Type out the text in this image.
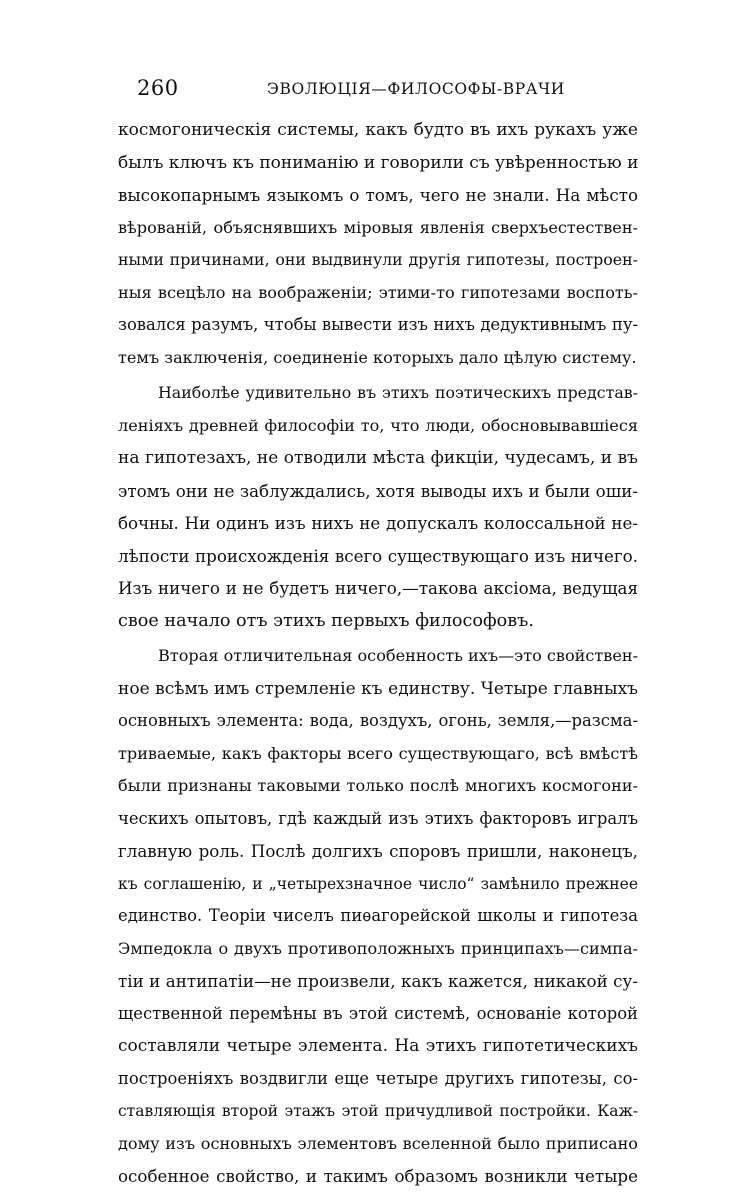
260	ЭВОЛЮЦІЯ—ФИЛОСОФЫ-ВРАЧИ
космогоническія системы, какъ будто въ ихъ рукахъ уже
былъ ключъ къ пониманію и говорили съ увѣренностью и
высокопарнымъ языкомъ о томъ, чего не знали. На мѣсто
вѣрованій, объяснявшихъ міровыя явленія сверхъестествен-
ными причинами, они выдвинули другія гипотезы, построен-
ныя всецѣло на воображеніи; этими-то гипотезами воспоть-
зовался разумъ, чтобы вывести изъ нихъ дедуктивнымъ пу-
темъ заключенія, соединеніе которыхъ дало цѣлую систему.
Наиболѣе удивительно въ этихъ поэтическихъ представ-
леніяхъ древней философіи то, что люди, обосновывавшіеся
на гипотезахъ, не отводили мѣста фикціи, чудесамъ, и въ
этомъ они не заблуждались, хотя выводы ихъ и были оши-
бочны. Ни одинъ изъ нихъ не допускалъ колоссальной не-
лѣпости происхожденія всего существующаго изъ ничего.
Изъ ничего и не будетъ ничего,—такова аксіома, ведущая
свое начало отъ этихъ первыхъ философовъ.
Вторая отличительная особенность ихъ—это свойствен-
ное всѣмъ имъ стремленіе къ единству. Четыре главныхъ
основныхъ элемента: вода, воздухъ, огонь, земля,—разсма-
триваемые, какъ факторы всего существующаго, всѣ вмѣстѣ
были признаны таковыми только послѣ многихъ космогони-
ческихъ опытовъ, гдѣ каждый изъ этихъ факторовъ игралъ
главную роль. Послѣ долгихъ споровъ пришли, наконецъ,
къ соглашенію, и „четырехзначное число“ замѣнило прежнее
единство. Теоріи чиселъ пиѳагорейской школы и гипотеза
Эмпедокла о двухъ противоположныхъ принципахъ—симпа-
тіи и антипатіи—не произвели, какъ кажется, никакой су-
щественной перемѣны въ этой системѣ, основаніе которой
составляли четыре элемента. На этихъ гипотетическихъ
построеніяхъ воздвигли еще четыре другихъ гипотезы, со-
ставляющія второй этажъ этой причудливой постройки. Каж-
дому изъ основныхъ элементовъ вселенной было приписано
особенное свойство, и такимъ образомъ возникли четыре
